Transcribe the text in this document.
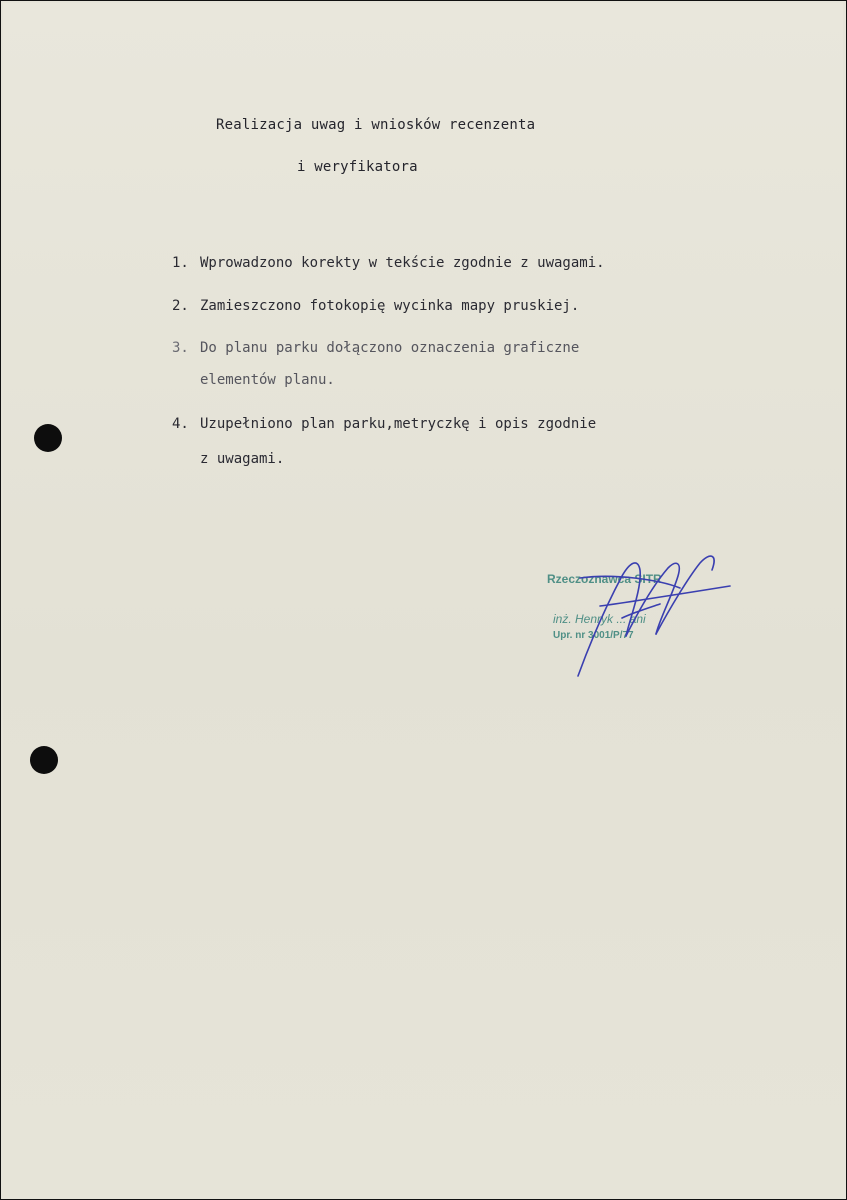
Realizacja uwag i wniosków recenzenta
i weryfikatora
1. Wprowadzono korekty w tekście zgodnie z uwagami.
2. Zamieszczono fotokopię wycinka mapy pruskiej.
3. Do planu parku dołączono oznaczenia graficzne
elementów planu.
4. Uzupełniono plan parku,metryczkę i opis zgodnie
z uwagami.
Rzeczoznawca SITR
inż. Henryk ... ani
Upr. nr 3001/P/77
